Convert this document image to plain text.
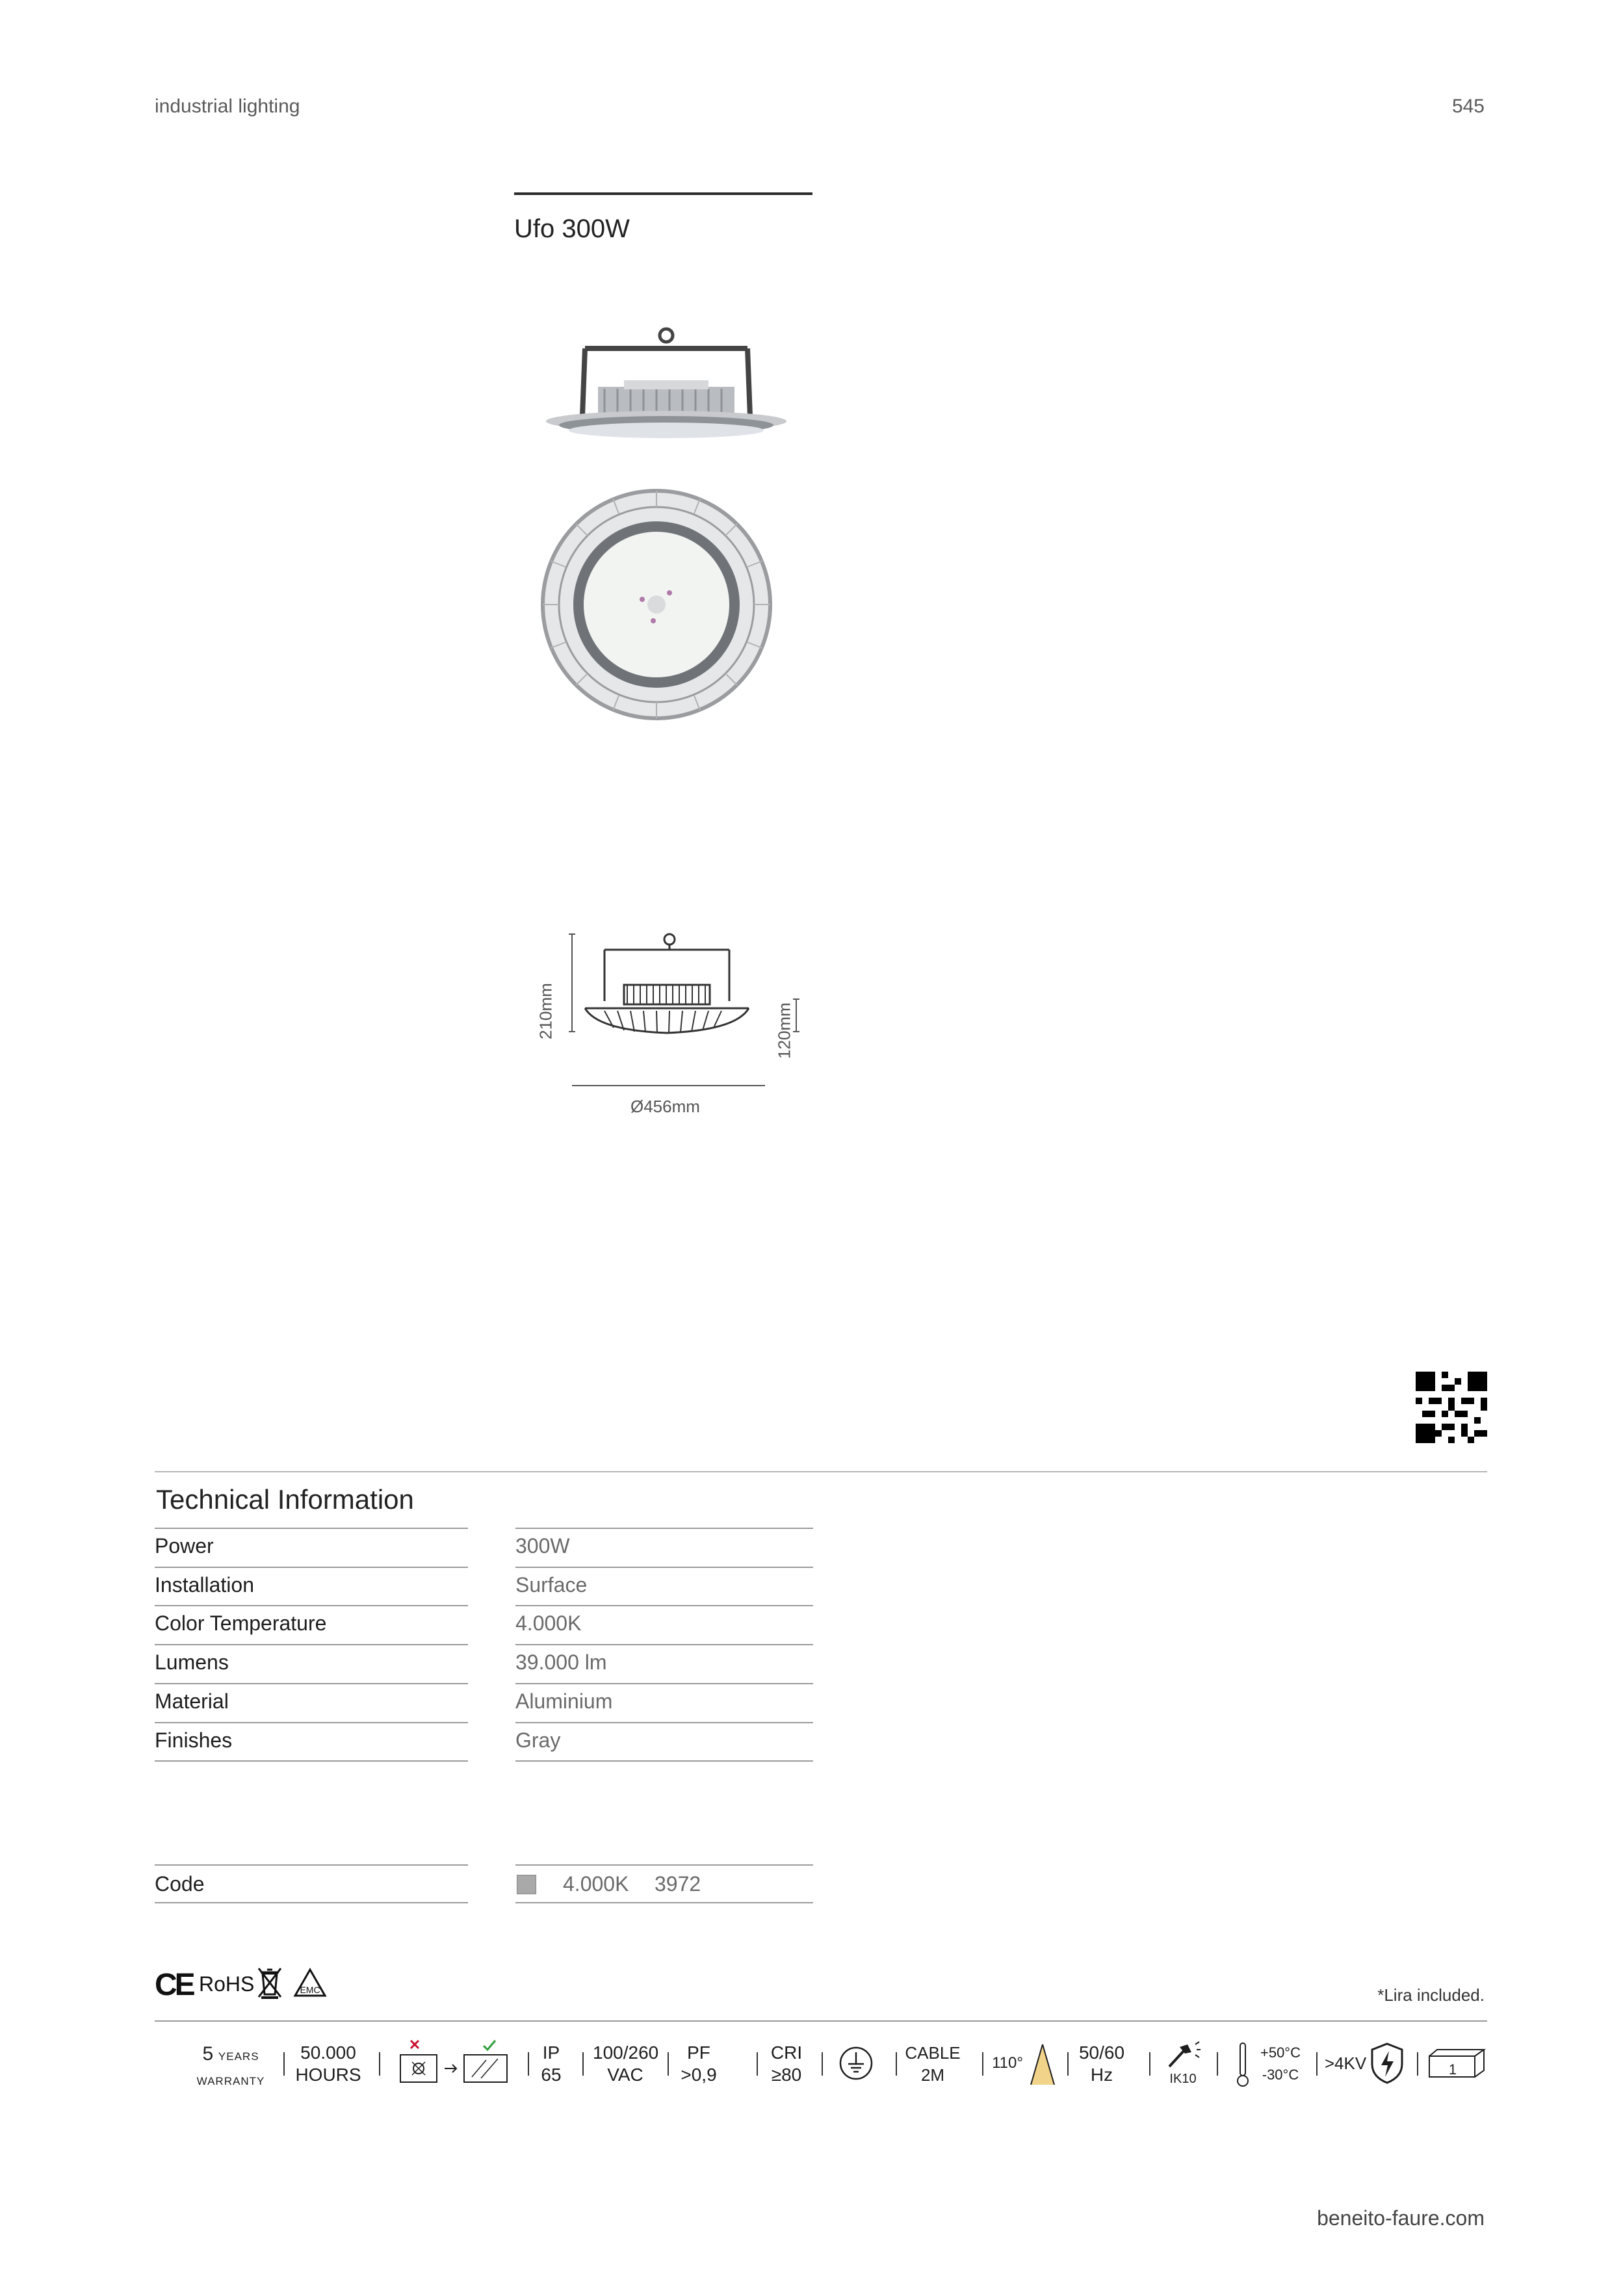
industrial lighting	545
Ufo 300W
210mm	120mm
Ø456mm
Technical Information
Power	300W
Installation	Surface
Color Temperature	4.000K
Lumens	39.000 lm
Material	Aluminium
Finishes	Gray
Code	4.000K 3972
CE RoHS	EMC	*Lira included.
5 YEARS
WARRANTY
50.000
HOURS
IP
65
100/260
VAC
PF
>0,9
CRI
≥80
CABLE
2M
110°
50/60
Hz	IK10
+50°C
-30°C
>4KV	1
beneito-faure.com
